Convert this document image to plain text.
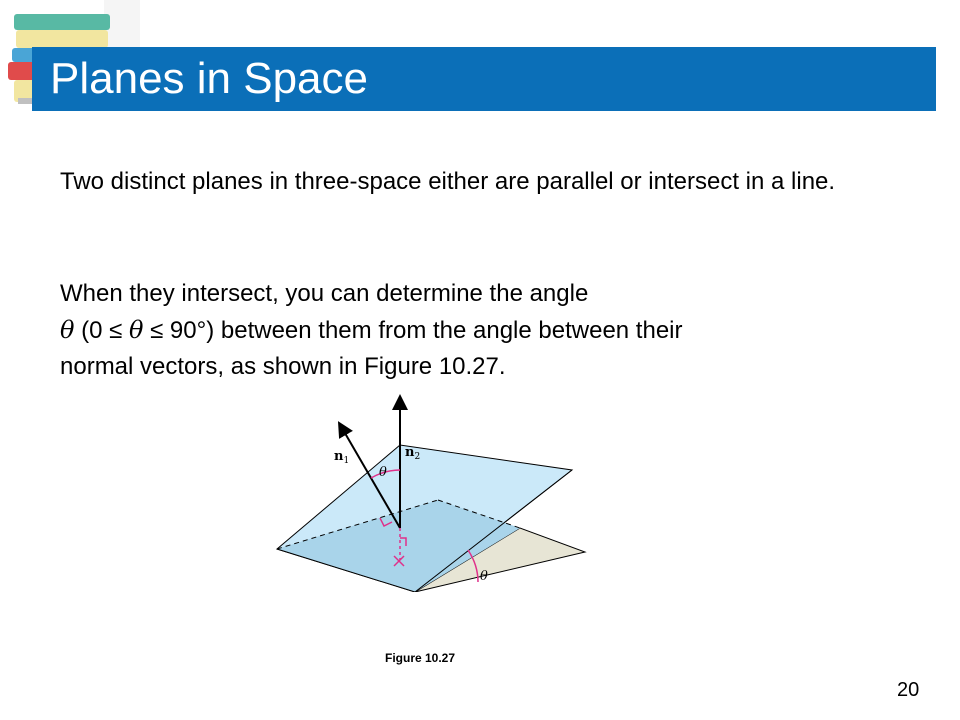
Planes in Space

Two distinct planes in three-space either are parallel or intersect in a line.

When they intersect, you can determine the angle
θ (0 ≤ θ ≤ 90°) between them from the angle between their
normal vectors, as shown in Figure 10.27.

$n_1$
$n_2$
θ
θ
Figure 10.27
20
